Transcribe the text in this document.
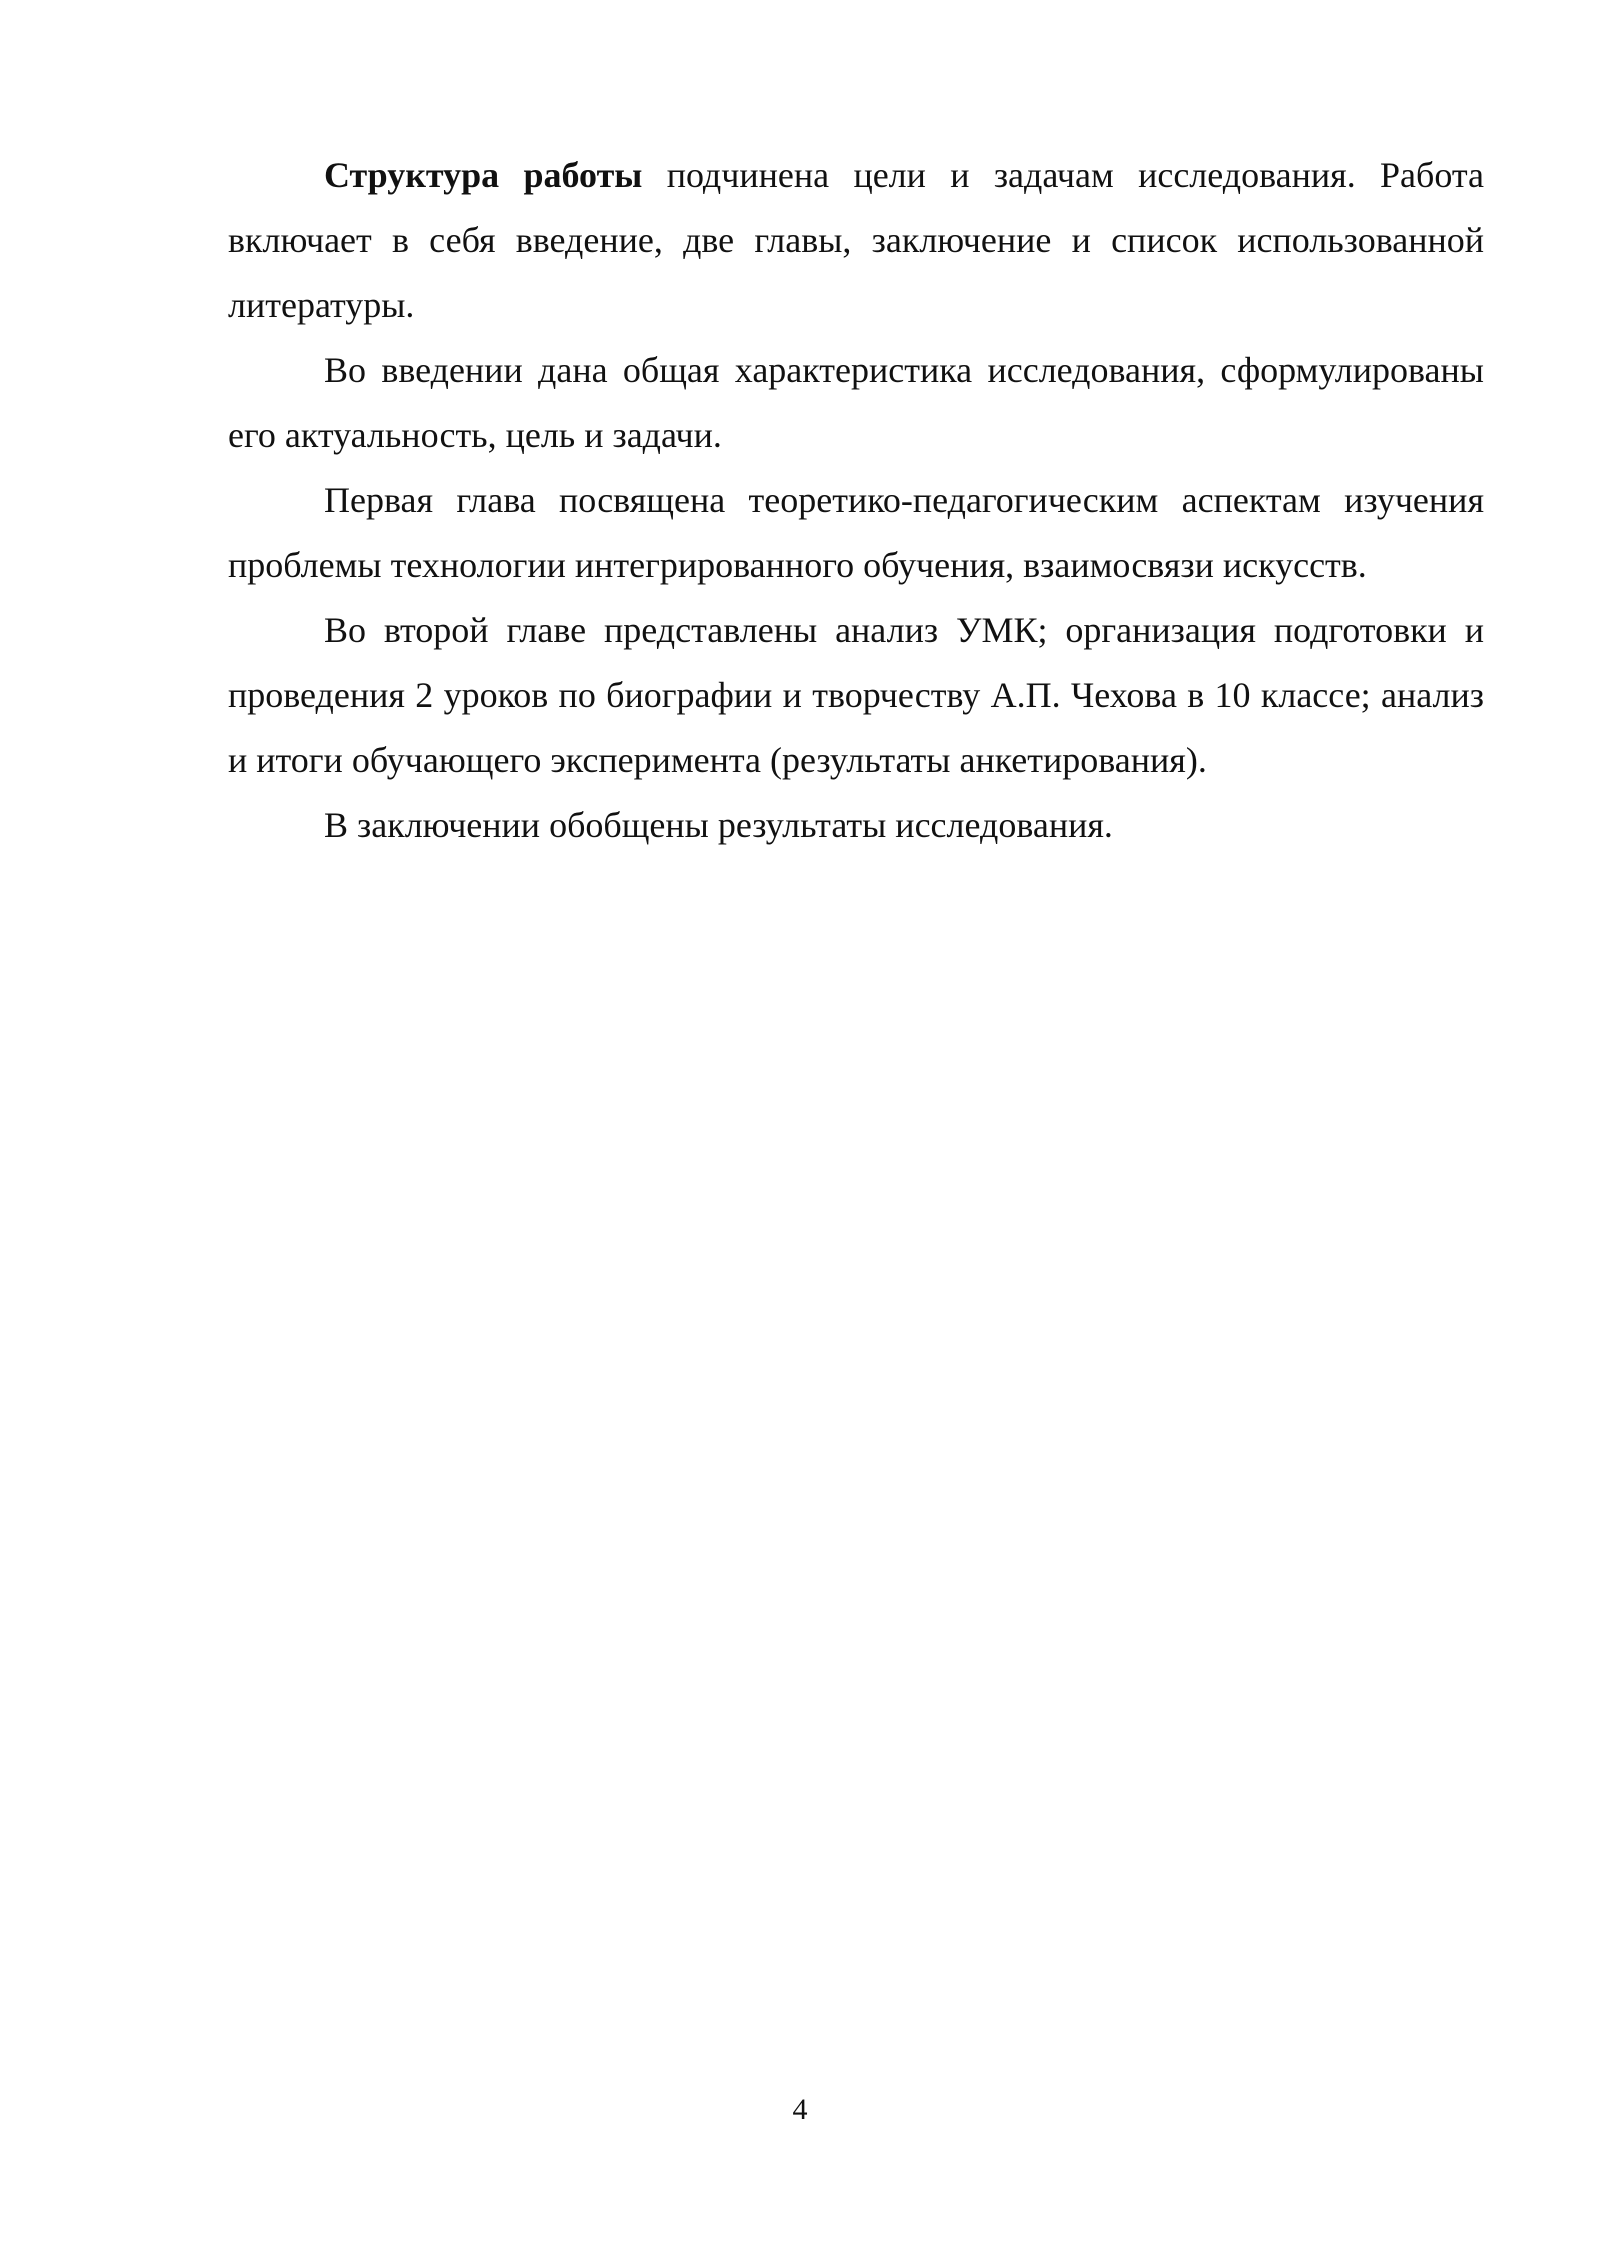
Структура работы подчинена цели и задачам исследования. Работа включает в себя введение, две главы, заключение и список использованной литературы.

Во введении дана общая характеристика исследования, сформулированы его актуальность, цель и задачи.

Первая глава посвящена теоретико-педагогическим аспектам изучения проблемы технологии интегрированного обучения, взаимосвязи искусств.

Во второй главе представлены анализ УМК; организация подготовки и проведения 2 уроков по биографии и творчеству А.П. Чехова в 10 классе; анализ и итоги обучающего эксперимента (результаты анкетирования).

В заключении обобщены результаты исследования.

4
